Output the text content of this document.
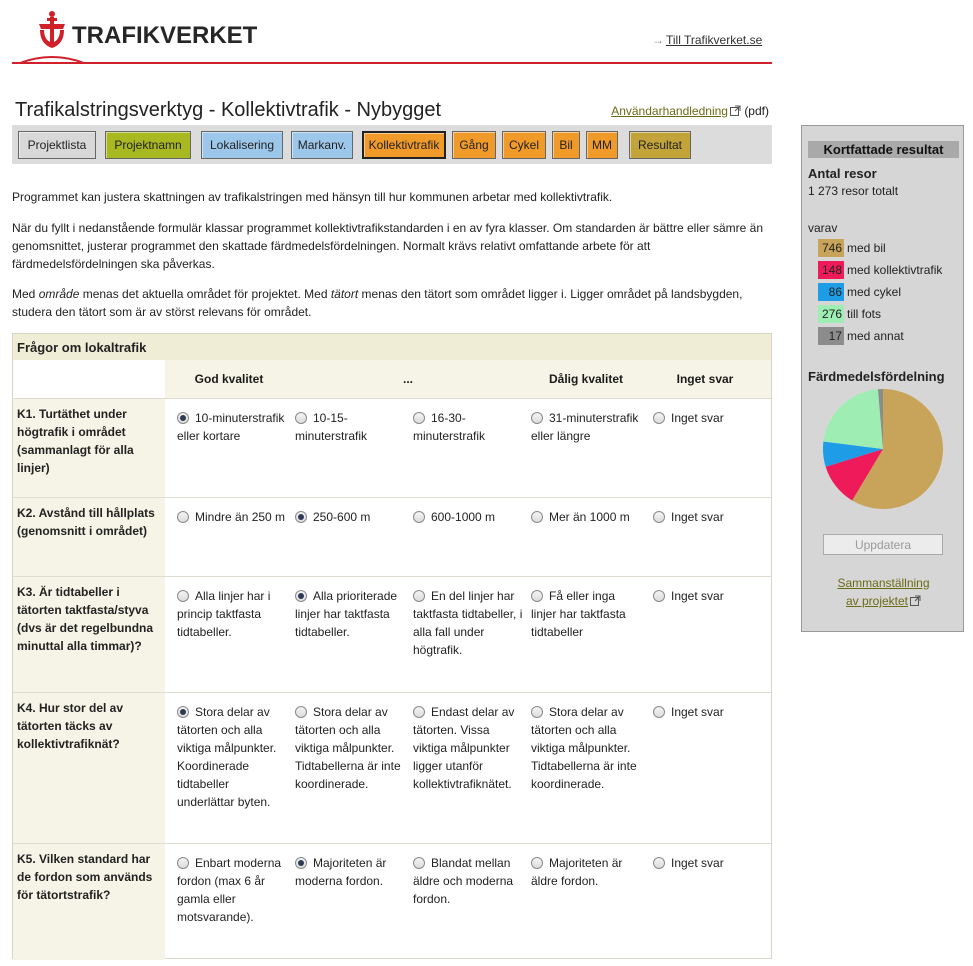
TRAFIKVERKET	→ Till Trafikverket.se
Trafikalstringsverktyg - Kollektivtrafik - Nybygget	Användarhandledning (pdf)
Projektlista	Projektnamn	Lokalisering	Markanv.	Kollektivtrafik	Gång	Cykel	Bil	MM	Resultat

Programmet kan justera skattningen av trafikalstringen med hänsyn till hur kommunen arbetar med kollektivtrafik.

När du fyllt i nedanstående formulär klassar programmet kollektivtrafikstandarden i en av fyra klasser. Om standarden är bättre eller sämre än genomsnittet, justerar programmet den skattade färdmedelsfördelningen. Normalt krävs relativt omfattande arbete för att färdmedelsfördelningen ska påverkas.

Med område menas det aktuella området för projektet. Med tätort menas den tätort som området ligger i. Ligger området på landsbygden, studera den tätort som är av störst relevans för området.

Frågor om lokaltrafik
God kvalitet	...	Dålig kvalitet	Inget svar
K1. Turtäthet under högtrafik i området (sammanlagt för alla linjer)
10-minuterstrafik eller kortare
10-15-minuterstrafik
16-30-minuterstrafik
31-minuterstrafik eller längre
Inget svar
K2. Avstånd till hållplats (genomsnitt i området)
Mindre än 250 m	250-600 m	600-1000 m	Mer än 1000 m	Inget svar
K3. Är tidtabeller i tätorten taktfasta/styva (dvs är det regelbundna minuttal alla timmar)?
Alla linjer har i princip taktfasta tidtabeller.
Alla prioriterade linjer har taktfasta tidtabeller.
En del linjer har taktfasta tidtabeller, i alla fall under högtrafik.
Få eller inga linjer har taktfasta tidtabeller
Inget svar
K4. Hur stor del av tätorten täcks av kollektivtrafiknät?
Stora delar av tätorten och alla viktiga målpunkter. Koordinerade tidtabeller underlättar byten.
Stora delar av tätorten och alla viktiga målpunkter. Tidtabellerna är inte koordinerade.
Endast delar av tätorten. Vissa viktiga målpunkter ligger utanför kollektivtrafiknätet.
Stora delar av tätorten och alla viktiga målpunkter. Tidtabellerna är inte koordinerade.
Inget svar
K5. Vilken standard har de fordon som används för tätortstrafik?
Enbart moderna fordon (max 6 år gamla eller motsvarande).
Majoriteten är moderna fordon.
Blandat mellan äldre och moderna fordon.
Majoriteten är äldre fordon.
Inget svar
Kortfattade resultat
Antal resor
1 273 resor totalt
varav
746 med bil
148 med kollektivtrafik
86 med cykel
276 till fots
17 med annat
Färdmedelsfördelning
Uppdatera
Sammanställning
av projektet
